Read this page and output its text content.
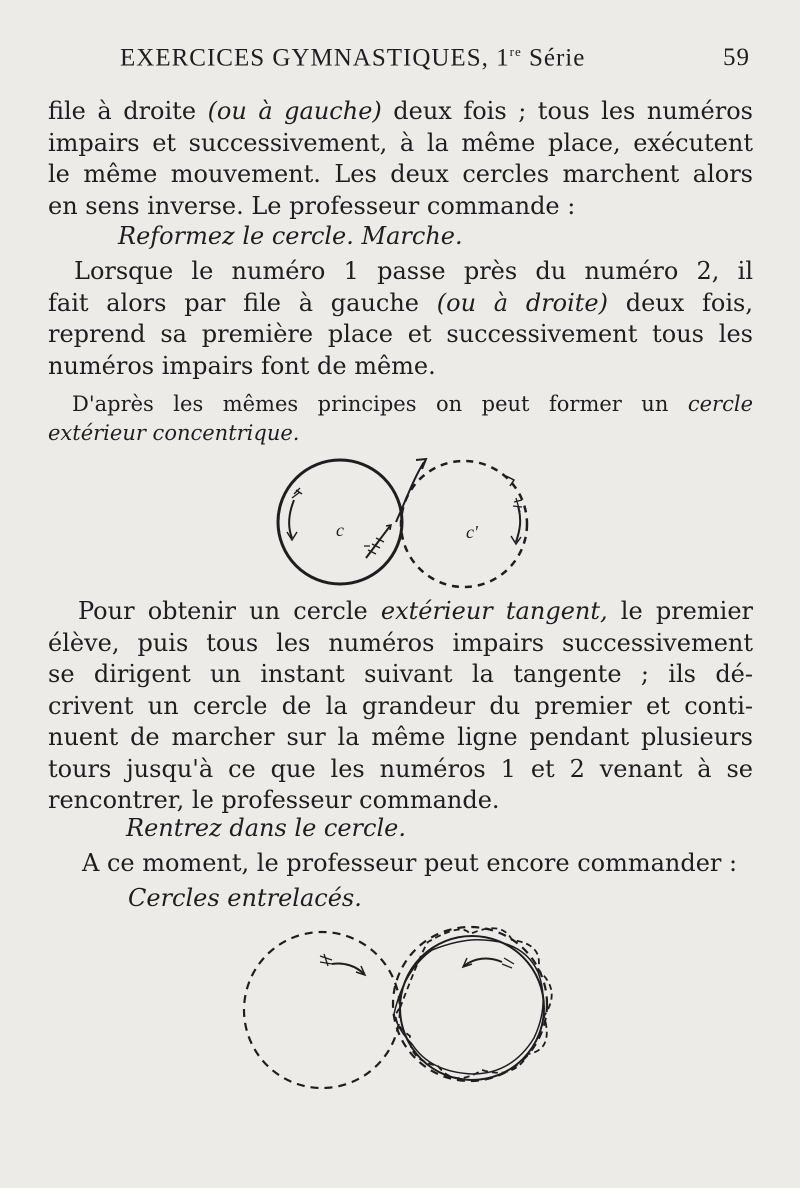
EXERCICES GYMNASTIQUES, 1re Série	59
file à droite (ou à gauche) deux fois ; tous les numéros
impairs et successivement, à la même place, exécutent
le même mouvement. Les deux cercles marchent alors
en sens inverse. Le professeur commande :
Reformez le cercle. Marche.
Lorsque le numéro 1 passe près du numéro 2, il
fait alors par file à gauche (ou à droite) deux fois,
reprend sa première place et successivement tous les
numéros impairs font de même.
D'après les mêmes principes on peut former un cercle
extérieur concentrique.
c	c'
Pour obtenir un cercle extérieur tangent, le premier
élève, puis tous les numéros impairs successivement
se dirigent un instant suivant la tangente ; ils dé-
crivent un cercle de la grandeur du premier et conti-
nuent de marcher sur la même ligne pendant plusieurs
tours jusqu'à ce que les numéros 1 et 2 venant à se
rencontrer, le professeur commande.
Rentrez dans le cercle.
A ce moment, le professeur peut encore commander :
Cercles entrelacés.
